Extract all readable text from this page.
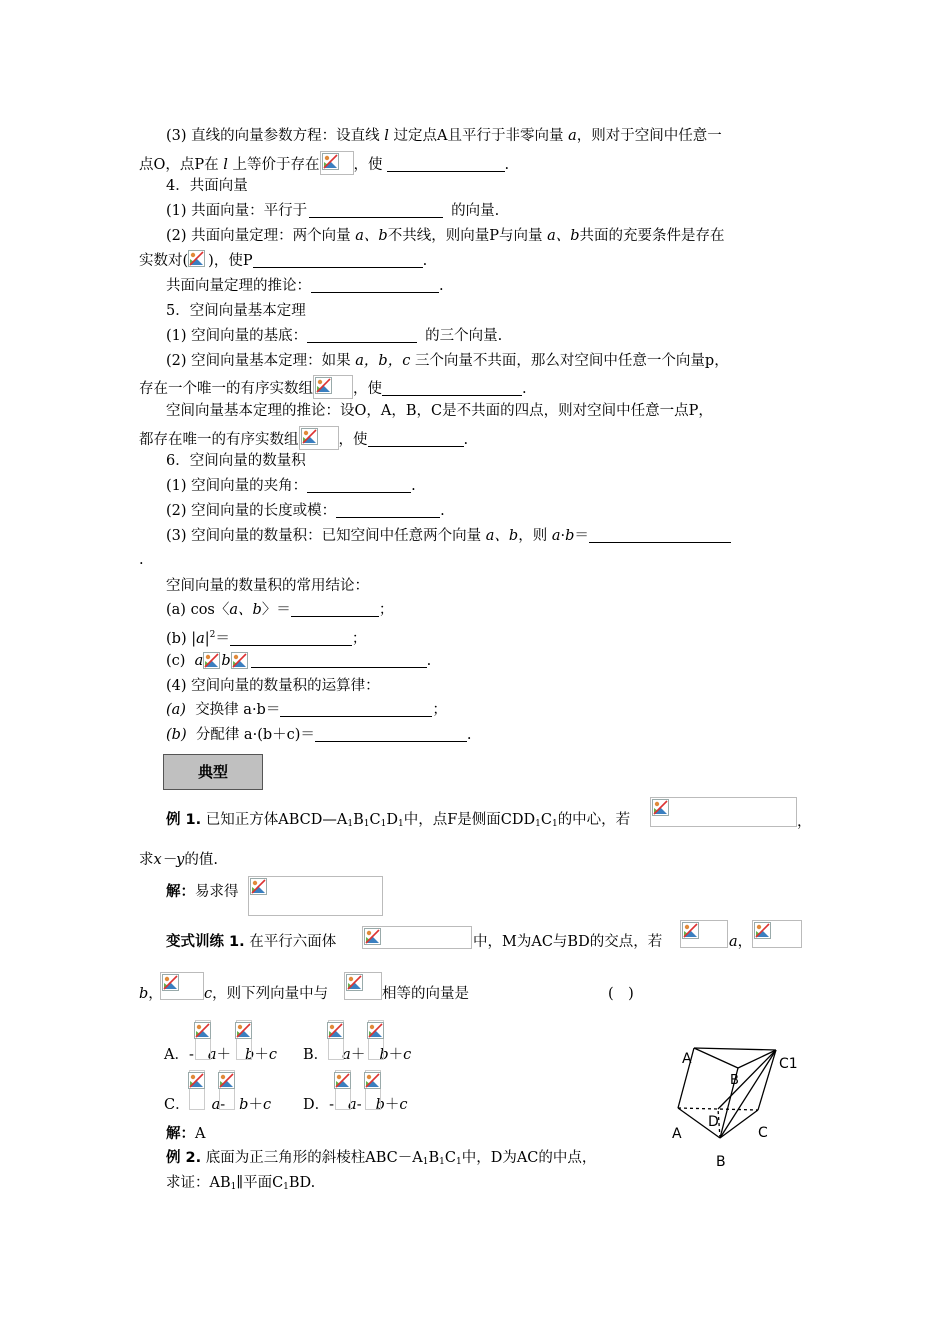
(3) 直线的向量参数方程：设直线 l 过定点A且平行于非零向量 a，则对于空间中任意一
点O，点P在 l 上等价于存在 ，使	.
4．共面向量
(1) 共面向量：平行于	的向量.
(2) 共面向量定理：两个向量 a、b不共线，则向量P与向量 a、b共面的充要条件是存在
实数对( )，使P	.
共面向量定理的推论：	.
5．空间向量基本定理
(1) 空间向量的基底：	的三个向量.
(2) 空间向量基本定理：如果 a，b，c 三个向量不共面，那么对空间中任意一个向量p，
存在一个唯一的有序实数组	，使	.
空间向量基本定理的推论：设O，A，B，C是不共面的四点，则对空间中任意一点P，
都存在唯一的有序实数组	，使	.
6．空间向量的数量积
(1) 空间向量的夹角：	.
(2) 空间向量的长度或模：	.
(3) 空间向量的数量积：已知空间中任意两个向量 a、b，则 a·b＝
.
空间向量的数量积的常用结论：
(a) cos〈a、b〉＝	；
(b) $|a|^2=$	；
(c) a b	.
(4) 空间向量的数量积的运算律：
(a) 交换律 a·b＝	；
(b) 分配律 a·(b＋c)＝	.
典型
例 1. 已知正方体$ABCD—A_1B_1C_1D_1$中，点F是侧面$CDD_1C_1$的中心，若	，
求x－y的值.
解：易求得
变式训练 1. 在平行六面体	中，M为AC与BD的交点，若	a，
b，	c，则下列向量中与	相等的向量是	(　)
A．- a＋ b＋c B． a＋ b＋c
C． a- b＋c D．- a- b＋c
解：A
例 2. 底面为正三角形的斜棱柱$ABC-A_1B_1C_1$中，D为AC的中点，
求证：$AB_1\parallel$平面$C_1BD$.
A
B
C1
A
D
C
B
